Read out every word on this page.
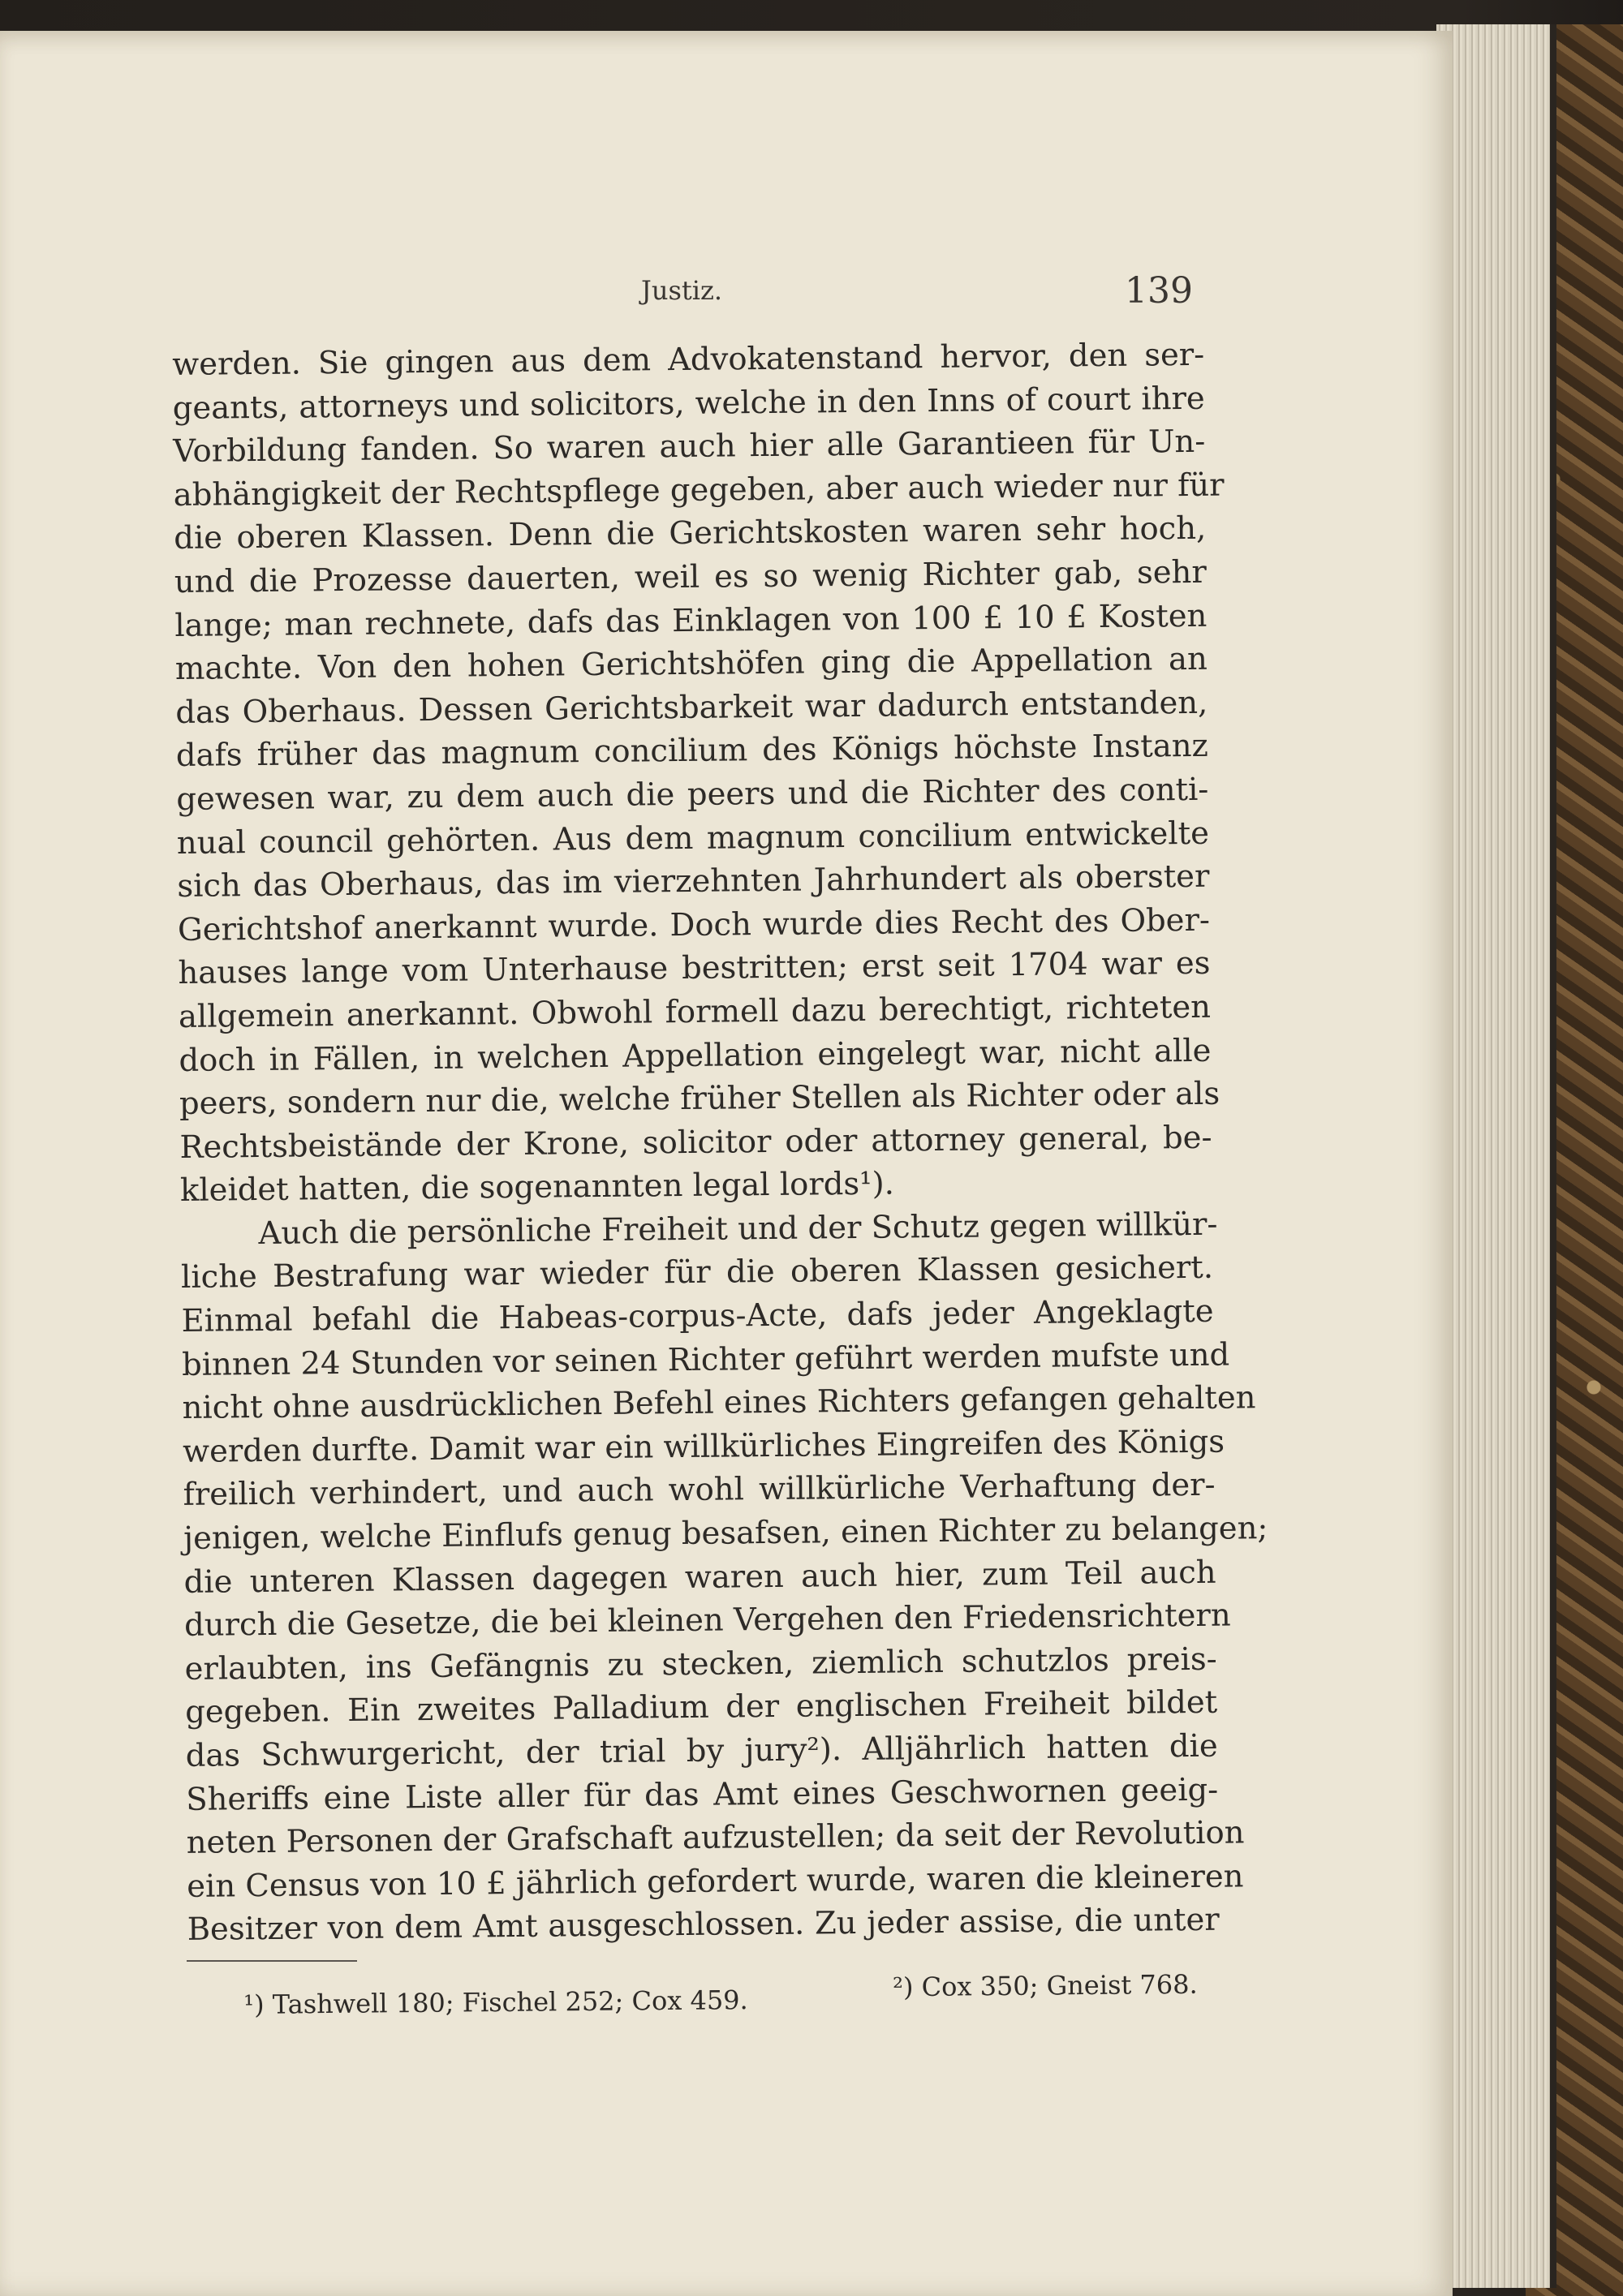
Justiz.	139
werden. Sie gingen aus dem Advokatenstand hervor, den ser-
geants, attorneys und solicitors, welche in den Inns of court ihre
Vorbildung fanden. So waren auch hier alle Garantieen für Un-
abhängigkeit der Rechtspflege gegeben, aber auch wieder nur für
die oberen Klassen. Denn die Gerichtskosten waren sehr hoch,
und die Prozesse dauerten, weil es so wenig Richter gab, sehr
lange; man rechnete, dafs das Einklagen von 100 £ 10 £ Kosten
machte. Von den hohen Gerichtshöfen ging die Appellation an
das Oberhaus. Dessen Gerichtsbarkeit war dadurch entstanden,
dafs früher das magnum concilium des Königs höchste Instanz
gewesen war, zu dem auch die peers und die Richter des conti-
nual council gehörten. Aus dem magnum concilium entwickelte
sich das Oberhaus, das im vierzehnten Jahrhundert als oberster
Gerichtshof anerkannt wurde. Doch wurde dies Recht des Ober-
hauses lange vom Unterhause bestritten; erst seit 1704 war es
allgemein anerkannt. Obwohl formell dazu berechtigt, richteten
doch in Fällen, in welchen Appellation eingelegt war, nicht alle
peers, sondern nur die, welche früher Stellen als Richter oder als
Rechtsbeistände der Krone, solicitor oder attorney general, be-
kleidet hatten, die sogenannten legal lords¹).
Auch die persönliche Freiheit und der Schutz gegen willkür-
liche Bestrafung war wieder für die oberen Klassen gesichert.
Einmal befahl die Habeas-corpus-Acte, dafs jeder Angeklagte
binnen 24 Stunden vor seinen Richter geführt werden mufste und
nicht ohne ausdrücklichen Befehl eines Richters gefangen gehalten
werden durfte. Damit war ein willkürliches Eingreifen des Königs
freilich verhindert, und auch wohl willkürliche Verhaftung der-
jenigen, welche Einflufs genug besafsen, einen Richter zu belangen;
die unteren Klassen dagegen waren auch hier, zum Teil auch
durch die Gesetze, die bei kleinen Vergehen den Friedensrichtern
erlaubten, ins Gefängnis zu stecken, ziemlich schutzlos preis-
gegeben. Ein zweites Palladium der englischen Freiheit bildet
das Schwurgericht, der trial by jury²). Alljährlich hatten die
Sheriffs eine Liste aller für das Amt eines Geschwornen geeig-
neten Personen der Grafschaft aufzustellen; da seit der Revolution
ein Census von 10 £ jährlich gefordert wurde, waren die kleineren
Besitzer von dem Amt ausgeschlossen. Zu jeder assise, die unter
¹) Tashwell 180; Fischel 252; Cox 459.	²) Cox 350; Gneist 768.
